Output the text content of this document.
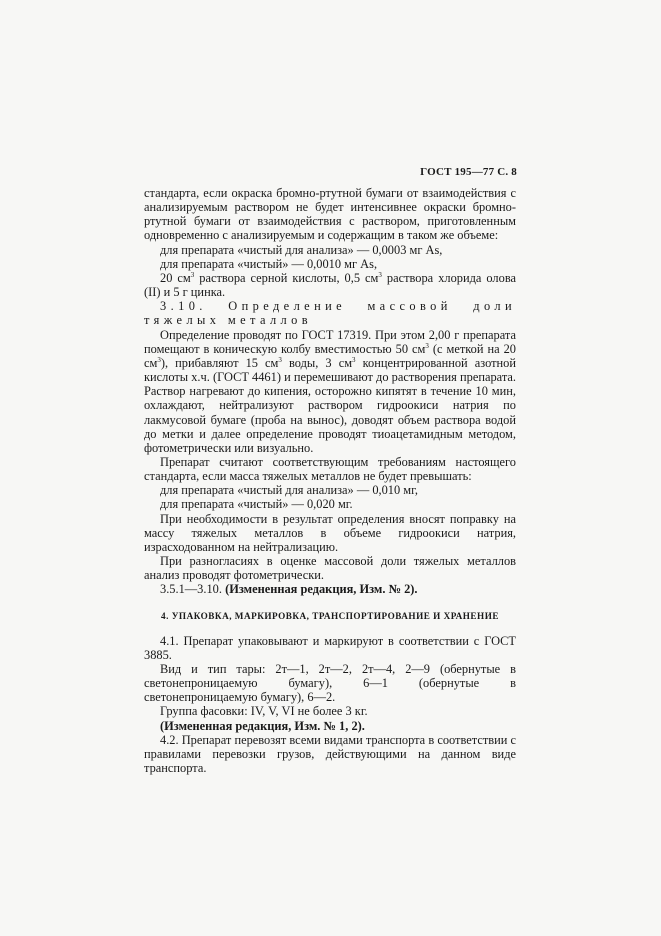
ГОСТ 195—77 С. 8

стандарта, если окраска бромно-ртутной бумаги от взаимодействия с анализируемым раствором не будет интенсивнее окраски бромно-ртутной бумаги от взаимодействия с раствором, приготовленным одновременно с анализируемым и содержащим в таком же объеме:

для препарата «чистый для анализа» — 0,0003 мг As,

для препарата «чистый» — 0,0010 мг As,

20 $см^3$ раствора серной кислоты, 0,5 $см^3$ раствора хлорида олова (II) и 5 г цинка.

3.10. Определение массовой доли тяжелых металлов

Определение проводят по ГОСТ 17319. При этом 2,00 г препарата помещают в коническую колбу вместимостью 50 $см^3$ (с меткой на 20 $см^3$), прибавляют 15 $см^3$ воды, 3 $см^3$ концентрированной азотной кислоты х.ч. (ГОСТ 4461) и перемешивают до растворения препарата. Раствор нагревают до кипения, осторожно кипятят в течение 10 мин, охлаждают, нейтрализуют раствором гидроокиси натрия по лакмусовой бумаге (проба на вынос), доводят объем раствора водой до метки и далее определение проводят тиоацетамидным методом, фотометрически или визуально.

Препарат считают соответствующим требованиям настоящего стандарта, если масса тяжелых металлов не будет превышать:

для препарата «чистый для анализа» — 0,010 мг,

для препарата «чистый» — 0,020 мг.

При необходимости в результат определения вносят поправку на массу тяжелых металлов в объеме гидроокиси натрия, израсходованном на нейтрализацию.

При разногласиях в оценке массовой доли тяжелых металлов анализ проводят фотометрически.

3.5.1—3.10. (Измененная редакция, Изм. № 2).

4. УПАКОВКА, МАРКИРОВКА, ТРАНСПОРТИРОВАНИЕ И ХРАНЕНИЕ

4.1. Препарат упаковывают и маркируют в соответствии с ГОСТ 3885.

Вид и тип тары: 2т—1, 2т—2, 2т—4, 2—9 (обернутые в светонепроницаемую бумагу), 6—1 (обернутые в светонепроницаемую бумагу), 6—2.

Группа фасовки: IV, V, VI не более 3 кг.

(Измененная редакция, Изм. № 1, 2).

4.2. Препарат перевозят всеми видами транспорта в соответствии с правилами перевозки грузов, действующими на данном виде транспорта.
